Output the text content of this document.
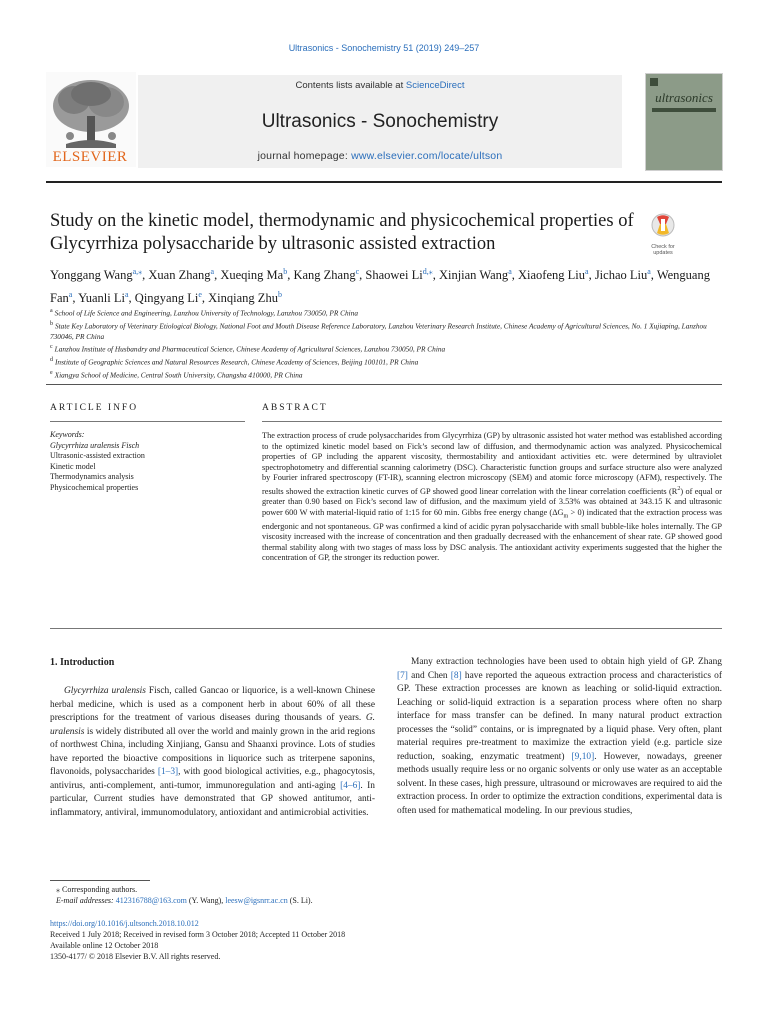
Ultrasonics - Sonochemistry 51 (2019) 249–257
Contents lists available at ScienceDirect
Ultrasonics - Sonochemistry
journal homepage: www.elsevier.com/locate/ultson
ELSEVIER
ultrasonics
Study on the kinetic model, thermodynamic and physicochemical properties of Glycyrrhiza polysaccharide by ultrasonic assisted extraction	Check for updates
Yonggang Wang$^{a,⁎}$, Xuan Zhang$^a$, Xueqing Ma$^b$, Kang Zhang$^c$, Shaowei $Li^{d,⁎}$, Xinjian Wang$^a$, Xiaofeng Liu$^a$, Jichao Liu$^a$, Wenguang Fan$^a$, Yuanli Li$^a$, Qingyang Li$^e$, Xinqiang Zhu$^b$
$^a$ School of Life Science and Engineering, Lanzhou University of Technology, Lanzhou 730050, PR China
$^b$ State Key Laboratory of Veterinary Etiological Biology, National Foot and Mouth Disease Reference Laboratory, Lanzhou Veterinary Research Institute, Chinese Academy of Agricultural Sciences, No. 1 Xujiaping, Lanzhou 730046, PR China
$^c$ Lanzhou Institute of Husbandry and Pharmaceutical Science, Chinese Academy of Agricultural Sciences, Lanzhou 730050, PR China
$^d$ Institute of Geographic Sciences and Natural Resources Research, Chinese Academy of Sciences, Beijing 100101, PR China
$^e$ Xiangya School of Medicine, Central South University, Changsha 410000, PR China
ARTICLE INFO	ABSTRACT
Keywords:
Glycyrrhiza uralensis Fisch
Ultrasonic-assisted extraction
Kinetic model
Thermodynamics analysis
Physicochemical properties
The extraction process of crude polysaccharides from Glycyrrhiza (GP) by ultrasonic assisted hot water method was established according to the optimized kinetic model based on Fick’s second law of diffusion, and thermodynamic action was analyzed. Physicochemical properties of GP including the apparent viscosity, thermostability and antioxidant activities etc. were determined by ultraviolet spectrophotometry and differential scanning calorimetry (DSC). Characteristic function groups and surface structure also were analyzed by Fourier infrared spectroscopy (FT-IR), scanning electron microscopy (SEM) and atomic force microscopy (AFM), respectively. The results showed the extraction kinetic curves of GP showed good linear correlation with the linear correlation coefficients $(R^2)$ of equal or greater than 0.90 based on Fick’s second law of diffusion, and the maximum yield of 3.53% was obtained at 343.15 K and ultrasonic power 600 W with material-liquid ratio of 1:15 for 60 min. Gibbs free energy change $(\Delta G_m > 0)$ indicated that the extraction process was endergonic and not spontaneous. GP was confirmed a kind of acidic pyran polysaccharide with small bubble-like holes internally. The GP viscosity increased with the increase of concentration and then gradually decreased with the enhancement of shear rate. GP showed good thermal stability along with two stages of mass loss by DSC analysis. The antioxidant activity experiments suggested that the higher the concentration of GP, the stronger its reduction power.
1. Introduction
Glycyrrhiza uralensis Fisch, called Gancao or liquorice, is a well-known Chinese herbal medicine, which is used as a component herb in about 60% of all these prescriptions for the treatment of various diseases during thousands of years. G. uralensis is widely distributed all over the world and mainly grown in the arid regions of northwest China, including Xinjiang, Gansu and Shaanxi province. Lots of studies have reported the bioactive compositions in liquorice such as triterpene saponins, flavonoids, polysaccharides [1–3], with good biological activities, e.g., phagocytosis, antivirus, anti-complement, anti-tumor, immunoregulation and anti-aging [4–6]. In particular, Current studies have demonstrated that GP showed antitumor, anti-inflammatory, antiviral, immunomodulatory, antioxidant and antimicrobial activities.
Many extraction technologies have been used to obtain high yield of GP. Zhang [7] and Chen [8] have reported the aqueous extraction process and characteristics of GP. These extraction processes are known as leaching or solid-liquid extraction. Leaching or solid-liquid extraction is a separation process where often no sharp interface for mass transfer can be defined. In many natural product extraction processes the “solid” contains, or is impregnated by a liquid phase. Very often, plant material requires pre-treatment to maximize the extraction yield (e.g. particle size reduction, soaking, enzymatic treatment) [9,10]. However, nowadays, greener methods usually require less or no organic solvents or only use water as an acceptable solvent. In these cases, high pressure, ultrasound or microwaves are required to aid the extraction process. In order to optimize the extraction conditions, experimental data is often used for mathematical modeling. In our previous studies,
⁎ Corresponding authors.
E-mail addresses: 412316788@163.com (Y. Wang), leesw@igsnrr.ac.cn (S. Li).
https://doi.org/10.1016/j.ultsonch.2018.10.012
Received 1 July 2018; Received in revised form 3 October 2018; Accepted 11 October 2018
Available online 12 October 2018
1350-4177/ © 2018 Elsevier B.V. All rights reserved.
